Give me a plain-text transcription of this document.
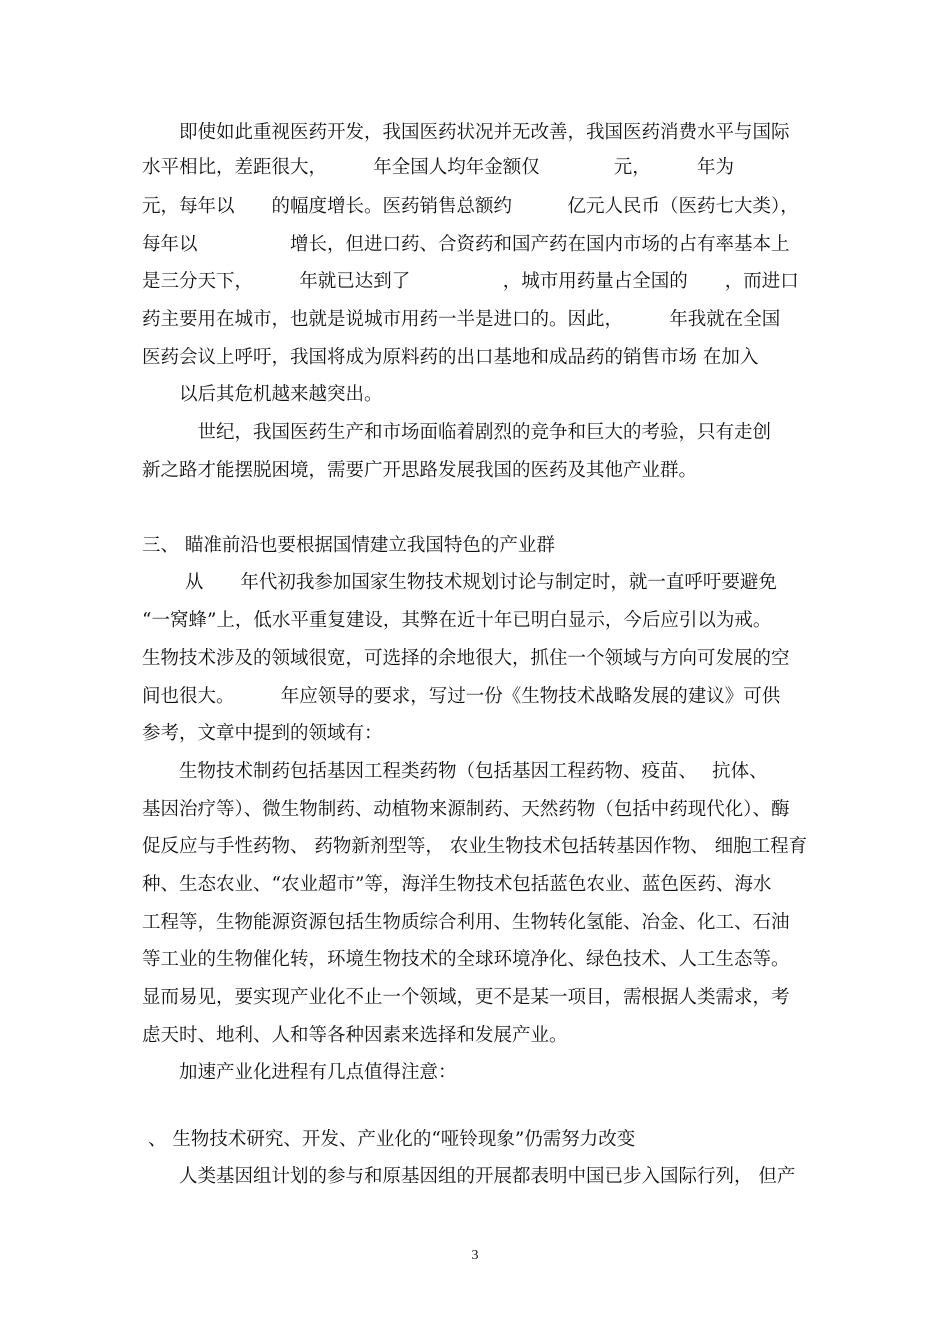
　　即使如此重视医药开发，我国医药状况并无改善，我国医药消费水平与国际
水平相比，差距很大，　　　年全国人均年金额仅　　　　元，　　　年为
元，每年以　　的幅度增长。医药销售总额约　　　亿元人民币（医药七大类），
每年以　　　　　增长，但进口药、合资药和国产药在国内市场的占有率基本上
是三分天下，　　　年就已达到了　　　　　，城市用药量占全国的　　，而进口
药主要用在城市，也就是说城市用药一半是进口的。因此，　　　年我就在全国
医药会议上呼吁，我国将成为原料药的出口基地和成品药的销售市场 在加入
　　以后其危机越来越突出。
　　　世纪，我国医药生产和市场面临着剧烈的竞争和巨大的考验，只有走创
新之路才能摆脱困境，需要广开思路发展我国的医药及其他产业群。
三、 瞄准前沿也要根据国情建立我国特色的产业群
　　 从　　年代初我参加国家生物技术规划讨论与制定时，就一直呼吁要避免
“一窝蜂”上，低水平重复建设，其弊在近十年已明白显示，今后应引以为戒。
生物技术涉及的领域很宽，可选择的余地很大，抓住一个领域与方向可发展的空
间也很大。　　　年应领导的要求，写过一份《生物技术战略发展的建议》可供
参考，文章中提到的领域有：
　　生物技术制药包括基因工程类药物（包括基因工程药物、疫苗、　 抗体、
基因治疗等）、微生物制药、动植物来源制药、天然药物（包括中药现代化）、酶
促反应与手性药物、 药物新剂型等， 农业生物技术包括转基因作物、 细胞工程育
种、生态农业、“农业超市”等，海洋生物技术包括蓝色农业、蓝色医药、海水
工程等，生物能源资源包括生物质综合利用、生物转化氢能、冶金、化工、石油
等工业的生物催化转，环境生物技术的全球环境净化、绿色技术、人工生态等。
显而易见，要实现产业化不止一个领域，更不是某一项目，需根据人类需求，考
虑天时、地利、人和等各种因素来选择和发展产业。
　　加速产业化进程有几点值得注意：
、 生物技术研究、开发、产业化的“哑铃现象”仍需努力改变
　　人类基因组计划的参与和原基因组的开展都表明中国已步入国际行列， 但产
3
